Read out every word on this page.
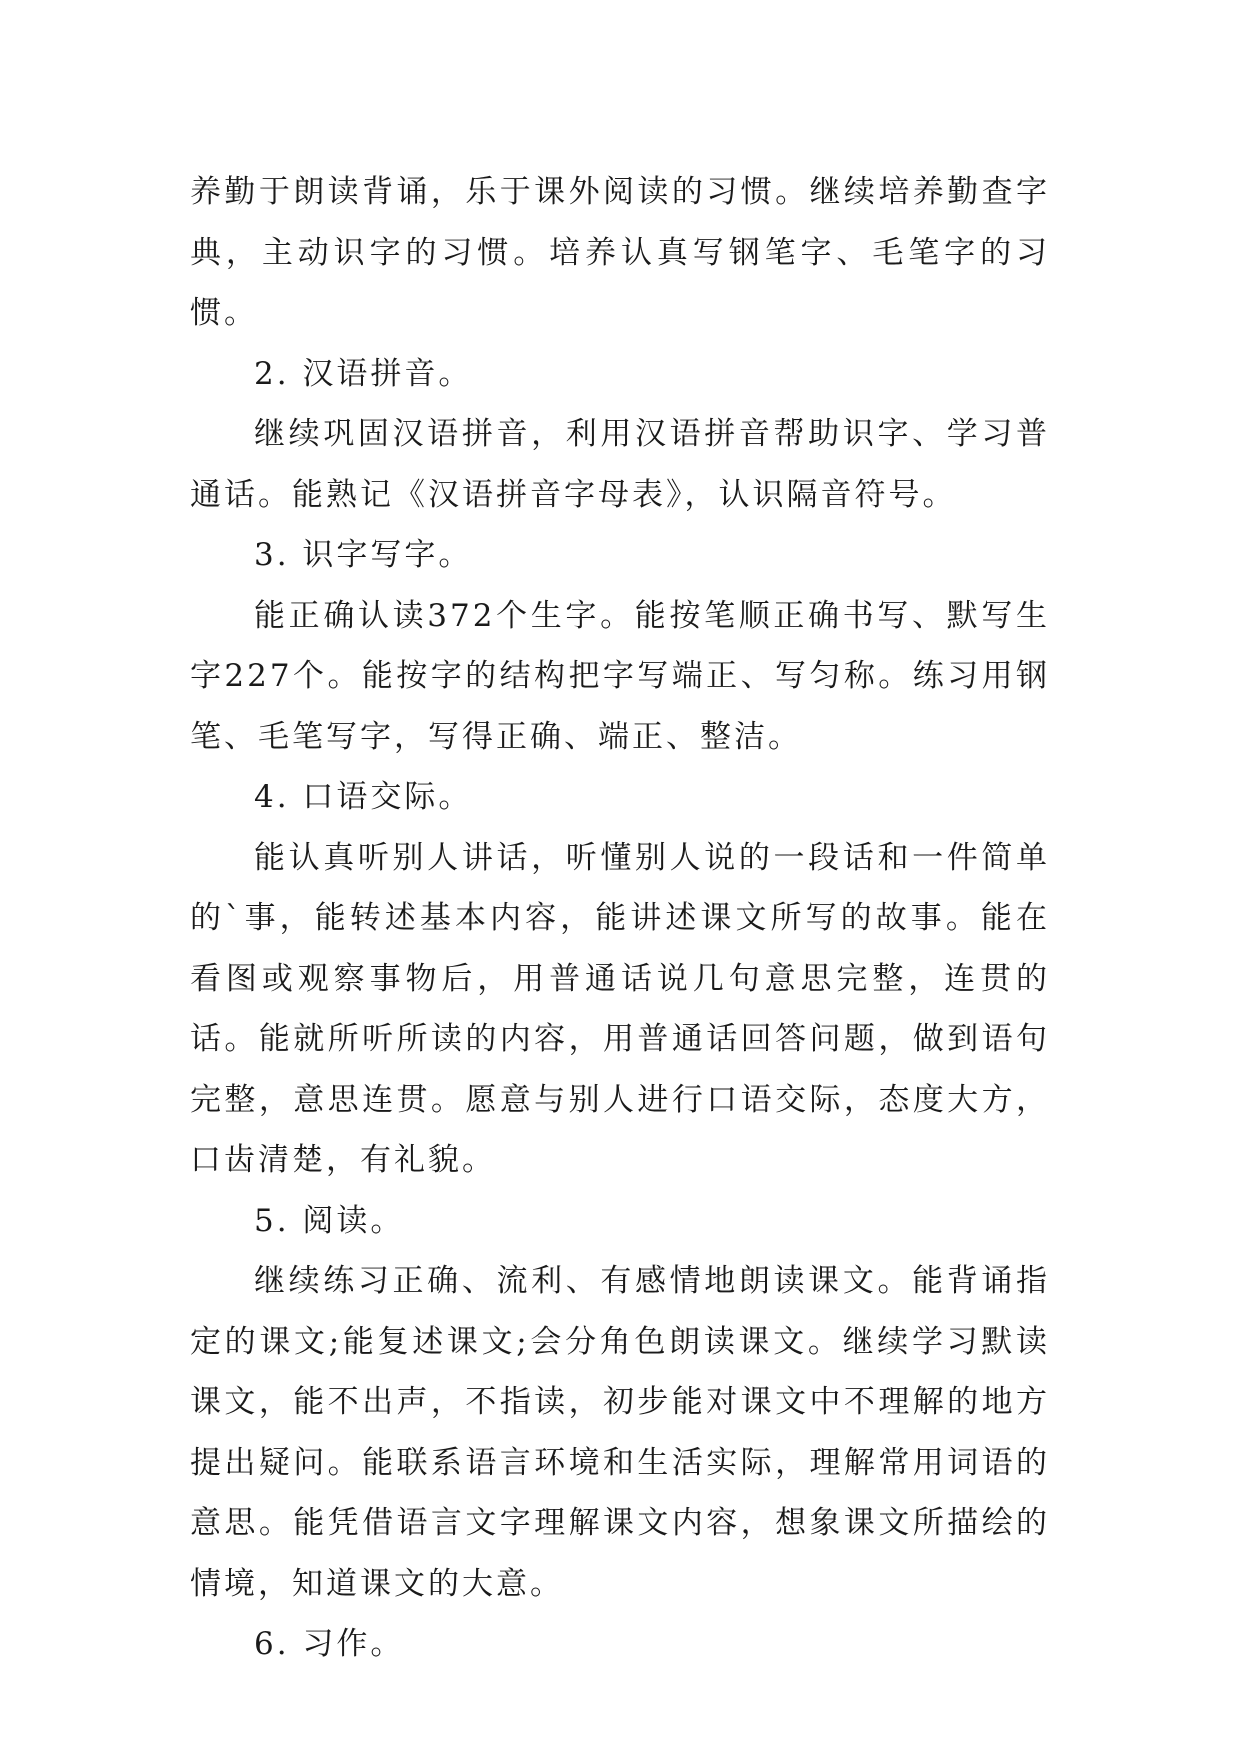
养勤于朗读背诵，乐于课外阅读的习惯。继续培养勤查字典，主动识字的习惯。培养认真写钢笔字、毛笔字的习惯。

2. 汉语拼音。

继续巩固汉语拼音，利用汉语拼音帮助识字、学习普通话。能熟记《汉语拼音字母表》，认识隔音符号。

3. 识字写字。

能正确认读372个生字。能按笔顺正确书写、默写生字227个。能按字的结构把字写端正、写匀称。练习用钢笔、毛笔写字，写得正确、端正、整洁。

4. 口语交际。

能认真听别人讲话，听懂别人说的一段话和一件简单的`事，能转述基本内容，能讲述课文所写的故事。能在看图或观察事物后，用普通话说几句意思完整，连贯的话。能就所听所读的内容，用普通话回答问题，做到语句完整，意思连贯。愿意与别人进行口语交际，态度大方，口齿清楚，有礼貌。

5. 阅读。

继续练习正确、流利、有感情地朗读课文。能背诵指定的课文;能复述课文;会分角色朗读课文。继续学习默读课文，能不出声，不指读，初步能对课文中不理解的地方提出疑问。能联系语言环境和生活实际，理解常用词语的意思。能凭借语言文字理解课文内容，想象课文所描绘的情境，知道课文的大意。

6. 习作。
